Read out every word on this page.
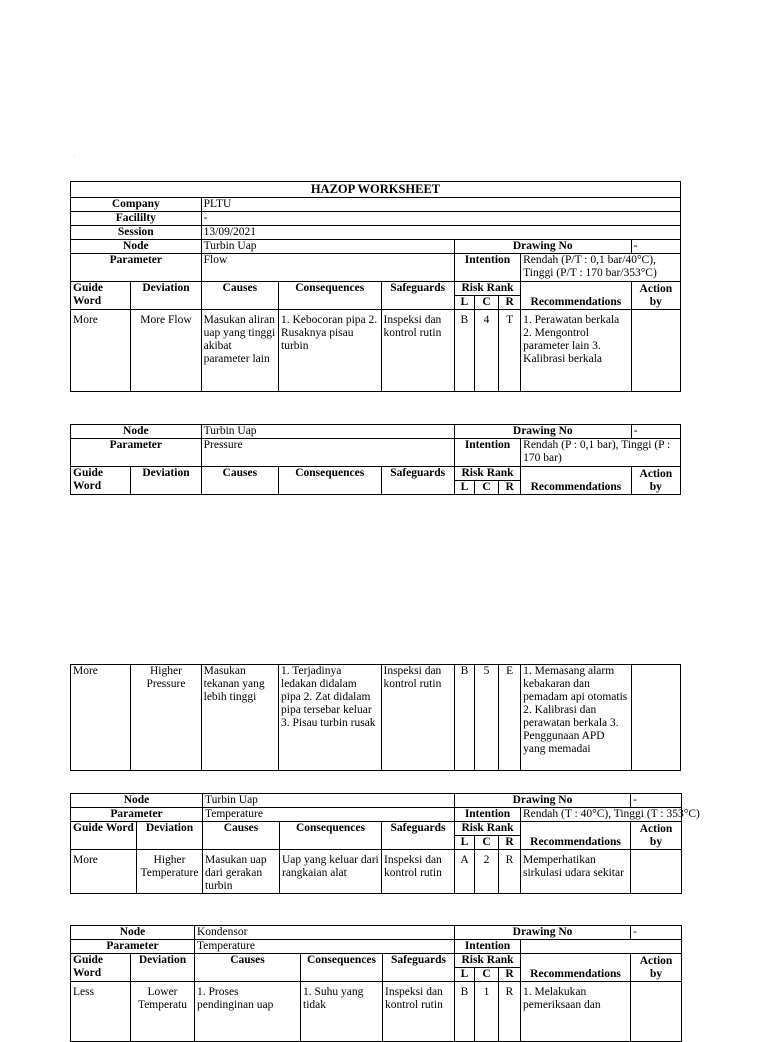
.
HAZOP WORKSHEET									
Company		PLTU							
Facililty		-							
Session		13/09/2021							
Node		Turbin Uap			Drawing No				-
Parameter		Flow			Intention			Rendah (P/T : 0,1 bar/40°C), Tinggi (P/T : 170 bar/353°C)	
Guide Word	Deviation	Causes	Consequences	Safeguards	Risk Rank			Recommendations	Action by
					L	C	R		
More	More Flow	Masukan aliran uap yang tinggi akibat parameter lain	1. Kebocoran pipa 2. Rusaknya pisau turbin	Inspeksi dan kontrol rutin	B	4	T	1. Perawatan berkala 2. Mengontrol parameter lain 3. Kalibrasi berkala	
Node		Turbin Uap			Drawing No				-
Parameter		Pressure			Intention			Rendah (P : 0,1 bar), Tinggi (P : 170 bar)	
Guide Word	Deviation	Causes	Consequences	Safeguards	Risk Rank			Recommendations	Action by
					L	C	R		
More	Higher Pressure	Masukan tekanan yang lebih tinggi	1. Terjadinya ledakan didalam pipa 2. Zat didalam pipa tersebar keluar 3. Pisau turbin rusak	Inspeksi dan kontrol rutin	B	5	E	1. Memasang alarm kebakaran dan pemadam api otomatis 2. Kalibrasi dan perawatan berkala 3. Penggunaan APD yang memadai	
Node		Turbin Uap			Drawing No				-
Parameter		Temperature			Intention			Rendah (T : 40°C), Tinggi (T : 353°C)	
Guide Word	Deviation	Causes	Consequences	Safeguards	Risk Rank			Recommendations	Action by
					L	C	R		
More	Higher Temperature	Masukan uap dari gerakan turbin	Uap yang keluar dari rangkaian alat	Inspeksi dan kontrol rutin	A	2	R	Memperhatikan sirkulasi udara sekitar	
Node		Kondensor			Drawing No				-
Parameter		Temperature			Intention				
Guide Word	Deviation	Causes	Consequences	Safeguards	Risk Rank			Recommendations	Action by
					L	C	R		
Less	Lower Temperatu	1. Proses pendinginan uap	1. Suhu yang tidak	Inspeksi dan kontrol rutin	B	1	R	1. Melakukan pemeriksaan dan	
